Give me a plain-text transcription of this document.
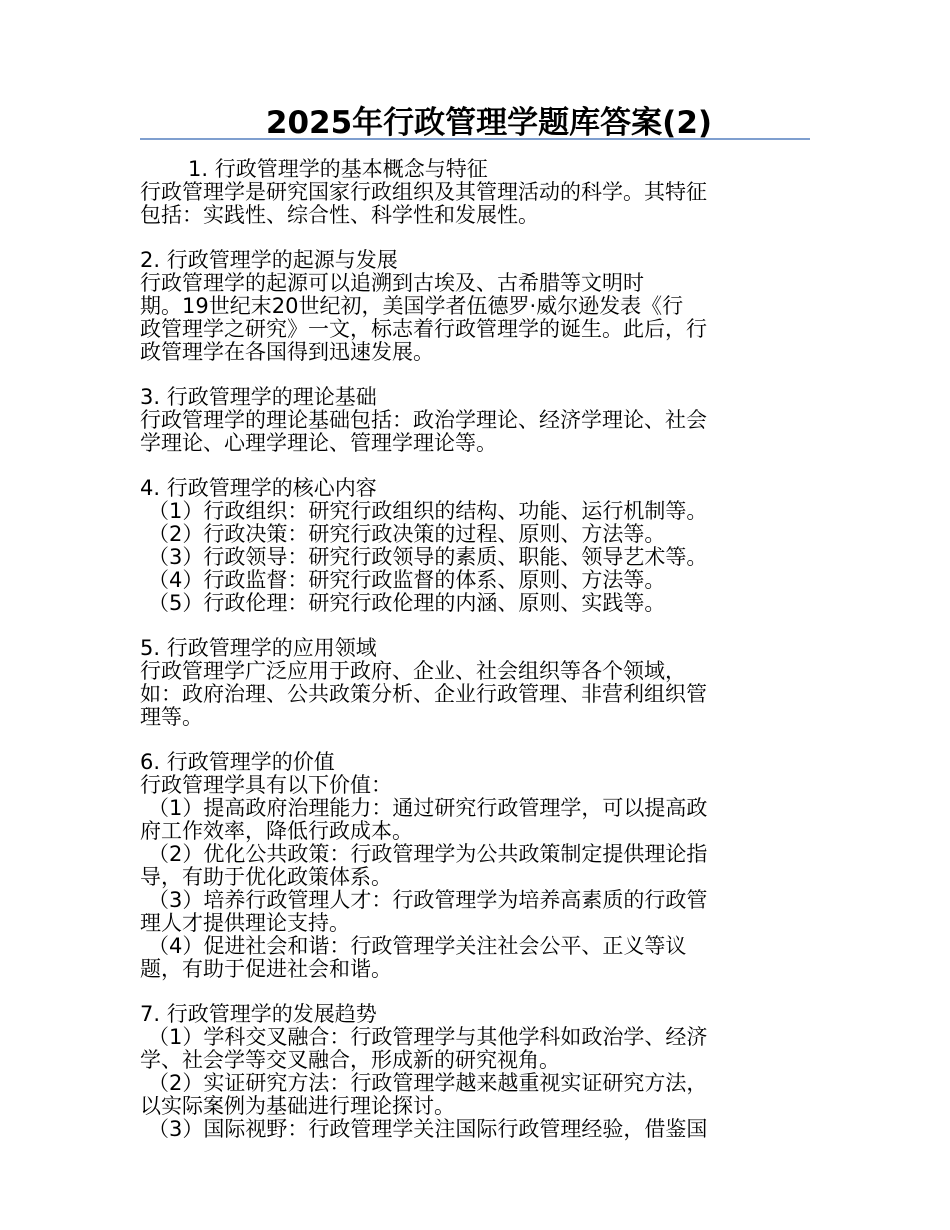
2025年行政管理学题库答案(2)
1. 行政管理学的基本概念与特征
行政管理学是研究国家行政组织及其管理活动的科学。其特征
包括：实践性、综合性、科学性和发展性。
2. 行政管理学的起源与发展
行政管理学的起源可以追溯到古埃及、古希腊等文明时
期。19世纪末20世纪初，美国学者伍德罗·威尔逊发表《行
政管理学之研究》一文，标志着行政管理学的诞生。此后，行
政管理学在各国得到迅速发展。
3. 行政管理学的理论基础
行政管理学的理论基础包括：政治学理论、经济学理论、社会
学理论、心理学理论、管理学理论等。
4. 行政管理学的核心内容
（1）行政组织：研究行政组织的结构、功能、运行机制等。
（2）行政决策：研究行政决策的过程、原则、方法等。
（3）行政领导：研究行政领导的素质、职能、领导艺术等。
（4）行政监督：研究行政监督的体系、原则、方法等。
（5）行政伦理：研究行政伦理的内涵、原则、实践等。
5. 行政管理学的应用领域
行政管理学广泛应用于政府、企业、社会组织等各个领域，
如：政府治理、公共政策分析、企业行政管理、非营利组织管
理等。
6. 行政管理学的价值
行政管理学具有以下价值：
（1）提高政府治理能力：通过研究行政管理学，可以提高政
府工作效率，降低行政成本。
（2）优化公共政策：行政管理学为公共政策制定提供理论指
导，有助于优化政策体系。
（3）培养行政管理人才：行政管理学为培养高素质的行政管
理人才提供理论支持。
（4）促进社会和谐：行政管理学关注社会公平、正义等议
题，有助于促进社会和谐。
7. 行政管理学的发展趋势
（1）学科交叉融合：行政管理学与其他学科如政治学、经济
学、社会学等交叉融合，形成新的研究视角。
（2）实证研究方法：行政管理学越来越重视实证研究方法，
以实际案例为基础进行理论探讨。
（3）国际视野：行政管理学关注国际行政管理经验，借鉴国
